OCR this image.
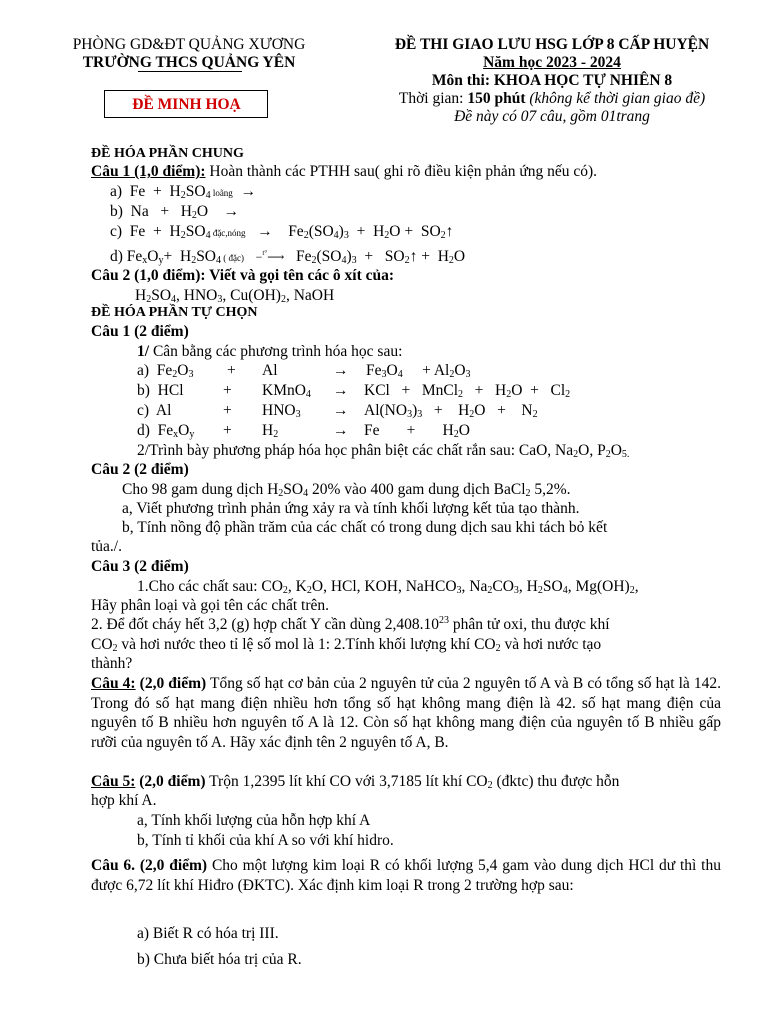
PHÒNG GD&ĐT QUẢNG XƯƠNG
TRƯỜNG THCS QUẢNG YÊN
ĐỀ MINH HOẠ
ĐỀ THI GIAO LƯU HSG LỚP 8 CẤP HUYỆN
Năm học 2023 - 2024
Môn thi: KHOA HỌC TỰ NHIÊN 8
Thời gian: 150 phút (không kể thời gian giao đề)
Đề này có 07 câu, gồm 01trang
ĐỀ HÓA PHẦN CHUNG
Câu 1 (1,0 điểm): Hoàn thành các PTHH sau( ghi rõ điều kiện phản ứng nếu có).
a)  $Fe + H_2SO_4$ loãng  →
b)  $Na + H_2O$    →
c)  $Fe + H_2SO_4$ đặc,nóng   →    $Fe_2(SO_4)_3 + H_2O$ +  $SO_2↑$
d) $Fe_xO_y+ H_2SO_4$ ( đặc) −$^{t^\circ}$⟶   $Fe_2(SO_4)_3$  +   $SO_2↑ + H_2O$
Câu 2 (1,0 điểm): Viết và gọi tên các ô xít của:
$H_2SO_4$, $HNO_3$, $Cu(OH)_2$, NaOH
ĐỀ HÓA PHẦN TỰ CHỌN
Câu 1 (2 điểm)
1/ Cân bằng các phương trình hóa học sau:
a)  $Fe_2O_3 + Al$	→ $Fe_3O_4$     + $Al_2O_3$
b)  HCl	+ KMnO$_4$ → KCl   +   MnCl$_2$   +   $H_2O + Cl_2$
c)  Al	+ $HNO_3 \to Al(NO_3)_3$   +    $H_2O$   +    $N_2$
d)  $Fe_xO_y + H_2$	→ Fe       +       $H_2O$
2/Trình bày phương pháp hóa học phân biệt các chất rắn sau: CaO, $Na_2O$, $P_2O_{5.}$
Câu 2 (2 điểm)
Cho 98 gam dung dịch $H_2SO_4$ 20% vào 400 gam dung dịch BaCl$_2$ 5,2%.
a, Viết phương trình phản ứng xảy ra và tính khối lượng kết tủa tạo thành.
b, Tính nồng độ phần trăm của các chất có trong dung dịch sau khi tách bỏ kết
tủa./.
Câu 3 (2 điểm)
1.Cho các chất sau: $CO_2$, $K_2O$, HCl, KOH, NaHCO$_3$, $Na_2CO_3$, $H_2SO_4$, $Mg(OH)_2$,
Hãy phân loại và gọi tên các chất trên.
2. Để đốt cháy hết 3,2 (g) hợp chất Y cần dùng 2,408.10$^{23}$ phân tử oxi, thu được khí
$CO_2$ và hơi nước theo tỉ lệ số mol là 1: 2.Tính khối lượng khí $CO_2$ và hơi nước tạo
thành?
Câu 4: (2,0 điểm) Tổng số hạt cơ bản của 2 nguyên tử của 2 nguyên tố A và B có tổng số hạt là 142. Trong đó số hạt mang điện nhiều hơn tổng số hạt không mang điện là 42. số hạt mang điện của nguyên tố B nhiều hơn nguyên tố A là 12. Còn số hạt không mang điện của nguyên tố B nhiều gấp rưỡi của nguyên tố A. Hãy xác định tên 2 nguyên tố A, B.
Câu 5: (2,0 điểm) Trộn 1,2395 lít khí CO với 3,7185 lít khí $CO_2$ (đktc) thu được hỗn
hợp khí A.
a, Tính khối lượng của hỗn hợp khí A
b, Tính tỉ khối của khí A so với khí hidro.
Câu 6. (2,0 điểm) Cho một lượng kim loại R có khối lượng 5,4 gam vào dung dịch HCl dư thì thu được 6,72 lít khí Hiđro (ĐKTC). Xác định kim loại R trong 2 trường hợp sau:
a) Biết R có hóa trị III.
b) Chưa biết hóa trị của R.
